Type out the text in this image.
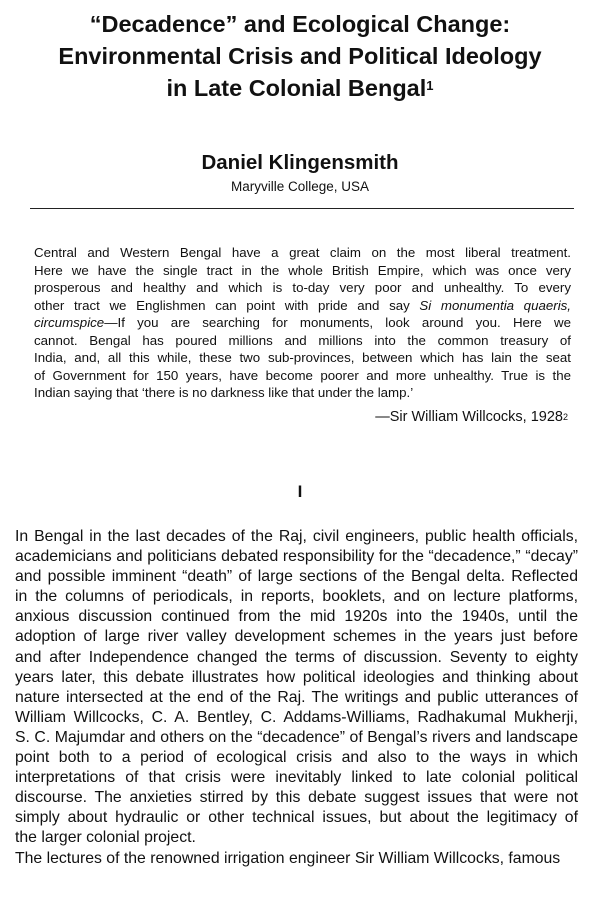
“Decadence” and Ecological Change:
Environmental Crisis and Political Ideology
in Late Colonial Bengal$^1$
Daniel Klingensmith
Maryville College, USA
Central and Western Bengal have a great claim on the most liberal treatment.
Here we have the single tract in the whole British Empire, which was once very
prosperous and healthy and which is to-day very poor and unhealthy. To every
other tract we Englishmen can point with pride and say Si monumentia quaeris,
circumspice—If you are searching for monuments, look around you. Here we
cannot. Bengal has poured millions and millions into the common treasury of
India, and, all this while, these two sub-provinces, between which has lain the seat
of Government for 150 years, have become poorer and more unhealthy. True is the
Indian saying that ‘there is no darkness like that under the lamp.’
—Sir William Willcocks, 1928$^2$
I
In Bengal in the last decades of the Raj, civil engineers, public health officials,
academicians and politicians debated responsibility for the “decadence,” “decay”
and possible imminent “death” of large sections of the Bengal delta. Reflected
in the columns of periodicals, in reports, booklets, and on lecture platforms,
anxious discussion continued from the mid 1920s into the 1940s, until the
adoption of large river valley development schemes in the years just before
and after Independence changed the terms of discussion. Seventy to eighty
years later, this debate illustrates how political ideologies and thinking about
nature intersected at the end of the Raj. The writings and public utterances of
William Willcocks, C. A. Bentley, C. Addams-Williams, Radhakumal Mukherji,
S. C. Majumdar and others on the “decadence” of Bengal’s rivers and landscape
point both to a period of ecological crisis and also to the ways in which
interpretations of that crisis were inevitably linked to late colonial political
discourse. The anxieties stirred by this debate suggest issues that were not
simply about hydraulic or other technical issues, but about the legitimacy of
the larger colonial project.
The lectures of the renowned irrigation engineer Sir William Willcocks, famous
